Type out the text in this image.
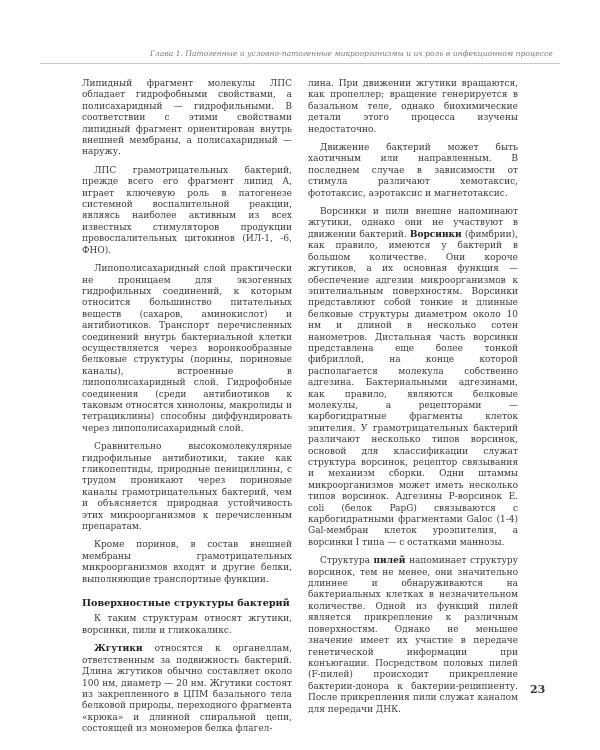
Глава 1. Патогенные и условно-патогенные микроорганизмы и их роль в инфекционном процессе

Липидный фрагмент молекулы ЛПС обладает гидрофобными свойствами, а полисахаридный — гидрофильными. В соответствии с этими свойствами липидный фрагмент ориентирован внутрь внешней мембраны, а полисахаридный — наружу.

ЛПС грамотрицательных бактерий, прежде всего его фрагмент липид А, играет ключевую роль в патогенезе системной воспалительной реакции, являясь наиболее активным из всех известных стимуляторов продукции провоспалительных цитокинов (ИЛ-1, -6, ФНО).

Липополисахаридный слой практически не проницаем для экзогенных гидрофильных соединений, к которым относится большинство питательных веществ (сахаров, аминокислот) и антибиотиков. Транспорт перечисленных соединений внутрь бактериальной клетки осуществляется через воронкообразные белковые структуры (порины, пориновые каналы), встроенные в липополисахаридный слой. Гидрофобные соединения (среди антибиотиков к таковым относятся хинолоны, макролиды и тетрациклины) способны диффундировать через липополисахаридный слой.

Сравнительно высокомолекулярные гидрофильные антибиотики, такие как гликопептиды, природные пенициллины, с трудом проникают через пориновые каналы грамотрицательных бактерий, чем и объясняется природная устойчивость этих микроорганизмов к перечисленным препаратам.

Кроме поринов, в состав внешней мембраны грамотрицательных микроорганизмов входят и другие белки, выполняющие транспортные функции.

Поверхностные структуры бактерий

К таким структурам относят жгутики, ворсинки, пили и гликокаликс.

Жгутики относятся к органеллам, ответственным за подвижность бактерий. Длина жгутиков обычно составляет около 100 нм, диаметр — 20 нм. Жгутики состоят из закрепленного в ЦПМ базального тела белковой природы, переходного фрагмента «крюка» и длинной спиральной цепи, состоящей из мономеров белка флагел-

лина. При движении жгутики вращаются, как пропеллер; вращение генерируется в базальном теле, однако биохимические детали этого процесса изучены недостаточно.

Движение бактерий может быть хаотичным или направленным. В последнем случае в зависимости от стимула различают хемотаксис, фототаксис, аэротаксис и магнетотаксис.

Ворсинки и пили внешне напоминают жгутики, однако они не участвуют в движении бактерий. Ворсинки (фимбрии), как правило, имеются у бактерий в большом количестве. Они короче жгутиков, а их основная функция — обеспечение адгезии микроорганизмов к эпителиальным поверхностям. Ворсинки представляют собой тонкие и длинные белковые структуры диаметром около 10 нм и длиной в несколько сотен нанометров. Дистальная часть ворсинки представлена еще более тонкой фибриллой, на конце которой располагается молекула собственно адгезина. Бактериальными адгезинами, как правило, являются белковые молекулы, а рецепторами — карбогидратные фрагменты клеток эпителия. У грамотрицательных бактерий различают несколько типов ворсинок, основой для классификации служат структура ворсинок, рецептор связывания и механизм сборки. Одни штаммы микроорганизмов может иметь несколько типов ворсинок. Адгезины Р-ворсинок E. coli (белок PapG) связываются с карбогидратными фрагментами Galoc (1-4) Gal-мембран клеток уроэпителия, а ворсинки I типа — с остатками маннозы.

Структура пилей напоминает структуру ворсинок, тем не менее, они значительно длиннее и обнаруживаются на бактериальных клетках в незначительном количестве. Одной из функций пилей является прикрепление к различным поверхностям. Однако не меньшее значение имеет их участие в передаче генетической информации при конъюгации. Посредством половых пилей (F-пилей) происходит прикрепление бактерии-донора к бактерии-реципиенту. После прикрепления пили служат каналом для передачи ДНК.

23
